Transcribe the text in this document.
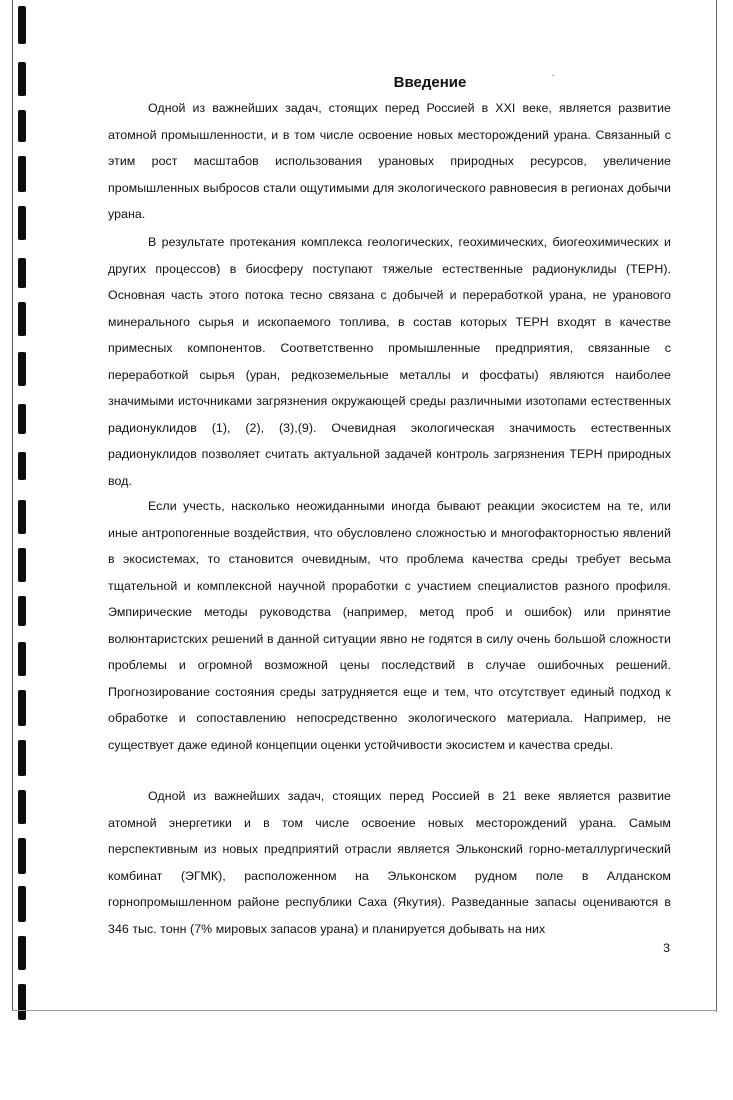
Введение

Одной из важнейших задач, стоящих перед Россией в XXI веке, является развитие атомной промышленности, и в том числе освоение новых месторождений урана. Связанный с этим рост масштабов использования урановых природных ресурсов, увеличение промышленных выбросов стали ощутимыми для экологического равновесия в регионах добычи урана.

В результате протекания комплекса геологических, геохимических, биогеохимических и других процессов) в биосферу поступают тяжелые естественные радионуклиды (ТЕРН). Основная часть этого потока тесно связана с добычей и переработкой урана, не уранового минерального сырья и ископаемого топлива, в состав которых ТЕРН входят в качестве примесных компонентов. Соответственно промышленные предприятия, связанные с переработкой сырья (уран, редкоземельные металлы и фосфаты) являются наиболее значимыми источниками загрязнения окружающей среды различными изотопами естественных радионуклидов (1), (2), (3),(9). Очевидная экологическая значимость естественных радионуклидов позволяет считать актуальной задачей контроль загрязнения ТЕРН природных вод.

Если учесть, насколько неожиданными иногда бывают реакции экосистем на те, или иные антропогенные воздействия, что обусловлено сложностью и многофакторностью явлений в экосистемах, то становится очевидным, что проблема качества среды требует весьма тщательной и комплексной научной проработки с участием специалистов разного профиля. Эмпирические методы руководства (например, метод проб и ошибок) или принятие волюнтаристских решений в данной ситуации явно не годятся в силу очень большой сложности проблемы и огромной возможной цены последствий в случае ошибочных решений. Прогнозирование состояния среды затрудняется еще и тем, что отсутствует единый подход к обработке и сопоставлению непосредственно экологического материала. Например, не существует даже единой концепции оценки устойчивости экосистем и качества среды.

Одной из важнейших задач, стоящих перед Россией в 21 веке является развитие атомной энергетики и в том числе освоение новых месторождений урана. Самым перспективным из новых предприятий отрасли является Эльконский горно-металлургический комбинат (ЭГМК), расположенном на Эльконском рудном поле в Алданском горнопромышленном районе республики Саха (Якутия). Разведанные запасы оцениваются в 346 тыс. тонн (7% мировых запасов урана) и планируется добывать на них

3
